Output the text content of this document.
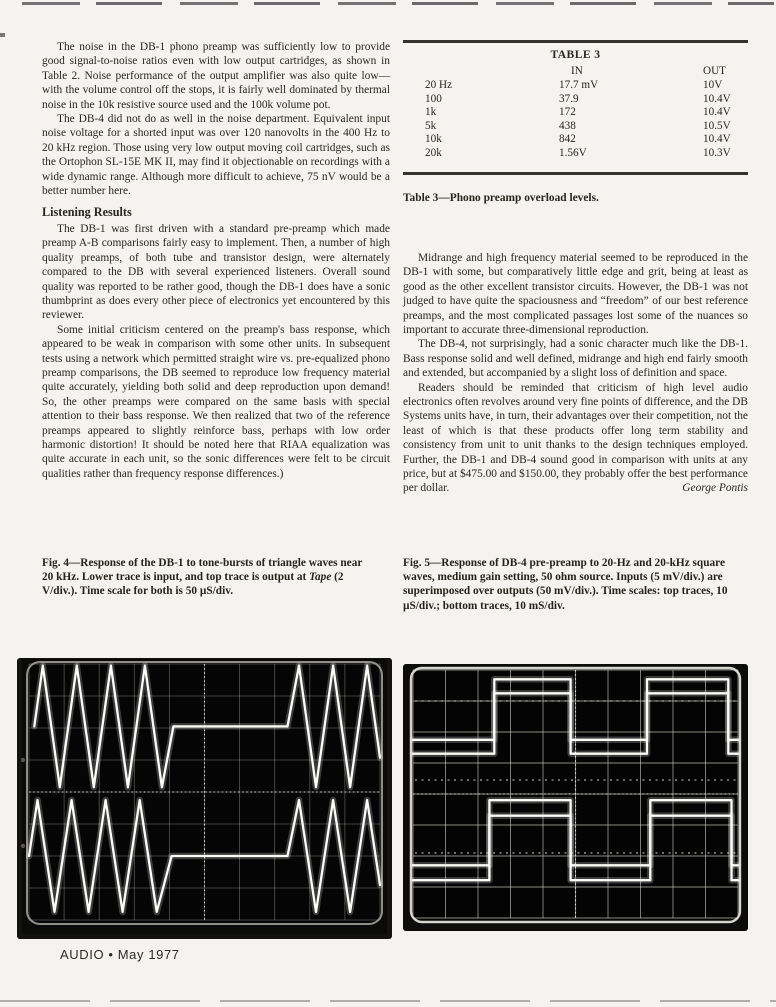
The noise in the DB-1 phono preamp was sufficiently low to provide good signal-to-noise ratios even with low output cartridges, as shown in Table 2. Noise performance of the output amplifier was also quite low—with the volume control off the stops, it is fairly well dominated by thermal noise in the 10k resistive source used and the 100k volume pot.

The DB-4 did not do as well in the noise department. Equivalent input noise voltage for a shorted input was over 120 nanovolts in the 400 Hz to 20 kHz region. Those using very low output moving coil cartridges, such as the Ortophon SL-15E MK II, may find it objectionable on recordings with a wide dynamic range. Although more difficult to achieve, 75 nV would be a better number here.

Listening Results

The DB-1 was first driven with a standard pre-preamp which made preamp A-B comparisons fairly easy to implement. Then, a number of high quality preamps, of both tube and transistor design, were alternately compared to the DB with several experienced listeners. Overall sound quality was reported to be rather good, though the DB-1 does have a sonic thumbprint as does every other piece of electronics yet encountered by this reviewer.

Some initial criticism centered on the preamp's bass response, which appeared to be weak in comparison with some other units. In subsequent tests using a network which permitted straight wire vs. pre-equalized phono preamp comparisons, the DB seemed to reproduce low frequency material quite accurately, yielding both solid and deep reproduction upon demand! So, the other preamps were compared on the same basis with special attention to their bass response. We then realized that two of the reference preamps appeared to slightly reinforce bass, perhaps with low order harmonic distortion! It should be noted here that RIAA equalization was quite accurate in each unit, so the sonic differences were felt to be circuit qualities rather than frequency response differences.)

TABLE 3
	IN	OUT
20 Hz	17.7 mV	10V
100	37.9	10.4V
1k	172	10.4V
5k	438	10.5V
10k	842	10.4V
20k	1.56V	10.3V
Table 3—Phono preamp overload levels.

Midrange and high frequency material seemed to be reproduced in the DB-1 with some, but comparatively little edge and grit, being at least as good as the other excellent transistor circuits. However, the DB-1 was not judged to have quite the spaciousness and “freedom” of our best reference preamps, and the most complicated passages lost some of the nuances so important to accurate three-dimensional reproduction.

The DB-4, not surprisingly, had a sonic character much like the DB-1. Bass response solid and well defined, midrange and high end fairly smooth and extended, but accompanied by a slight loss of definition and space.

Readers should be reminded that criticism of high level audio electronics often revolves around very fine points of difference, and the DB Systems units have, in turn, their advantages over their competition, not the least of which is that these products offer long term stability and consistency from unit to unit thanks to the design techniques employed. Further, the DB-1 and DB-4 sound good in comparison with units at any price, but at $475.00 and $150.00, they probably offer the best performance per dollar.	George Pontis

Fig. 4—Response of the DB-1 to tone-bursts of triangle waves near 20 kHz. Lower trace is input, and top trace is output at Tape (2 V/div.). Time scale for both is 50 µS/div.
Fig. 5—Response of DB-4 pre-preamp to 20-Hz and 20-kHz square waves, medium gain setting, 50 ohm source. Inputs (5 mV/div.) are superimposed over outputs (50 mV/div.). Time scales: top traces, 10 µS/div.; bottom traces, 10 mS/div.
AUDIO • May 1977
